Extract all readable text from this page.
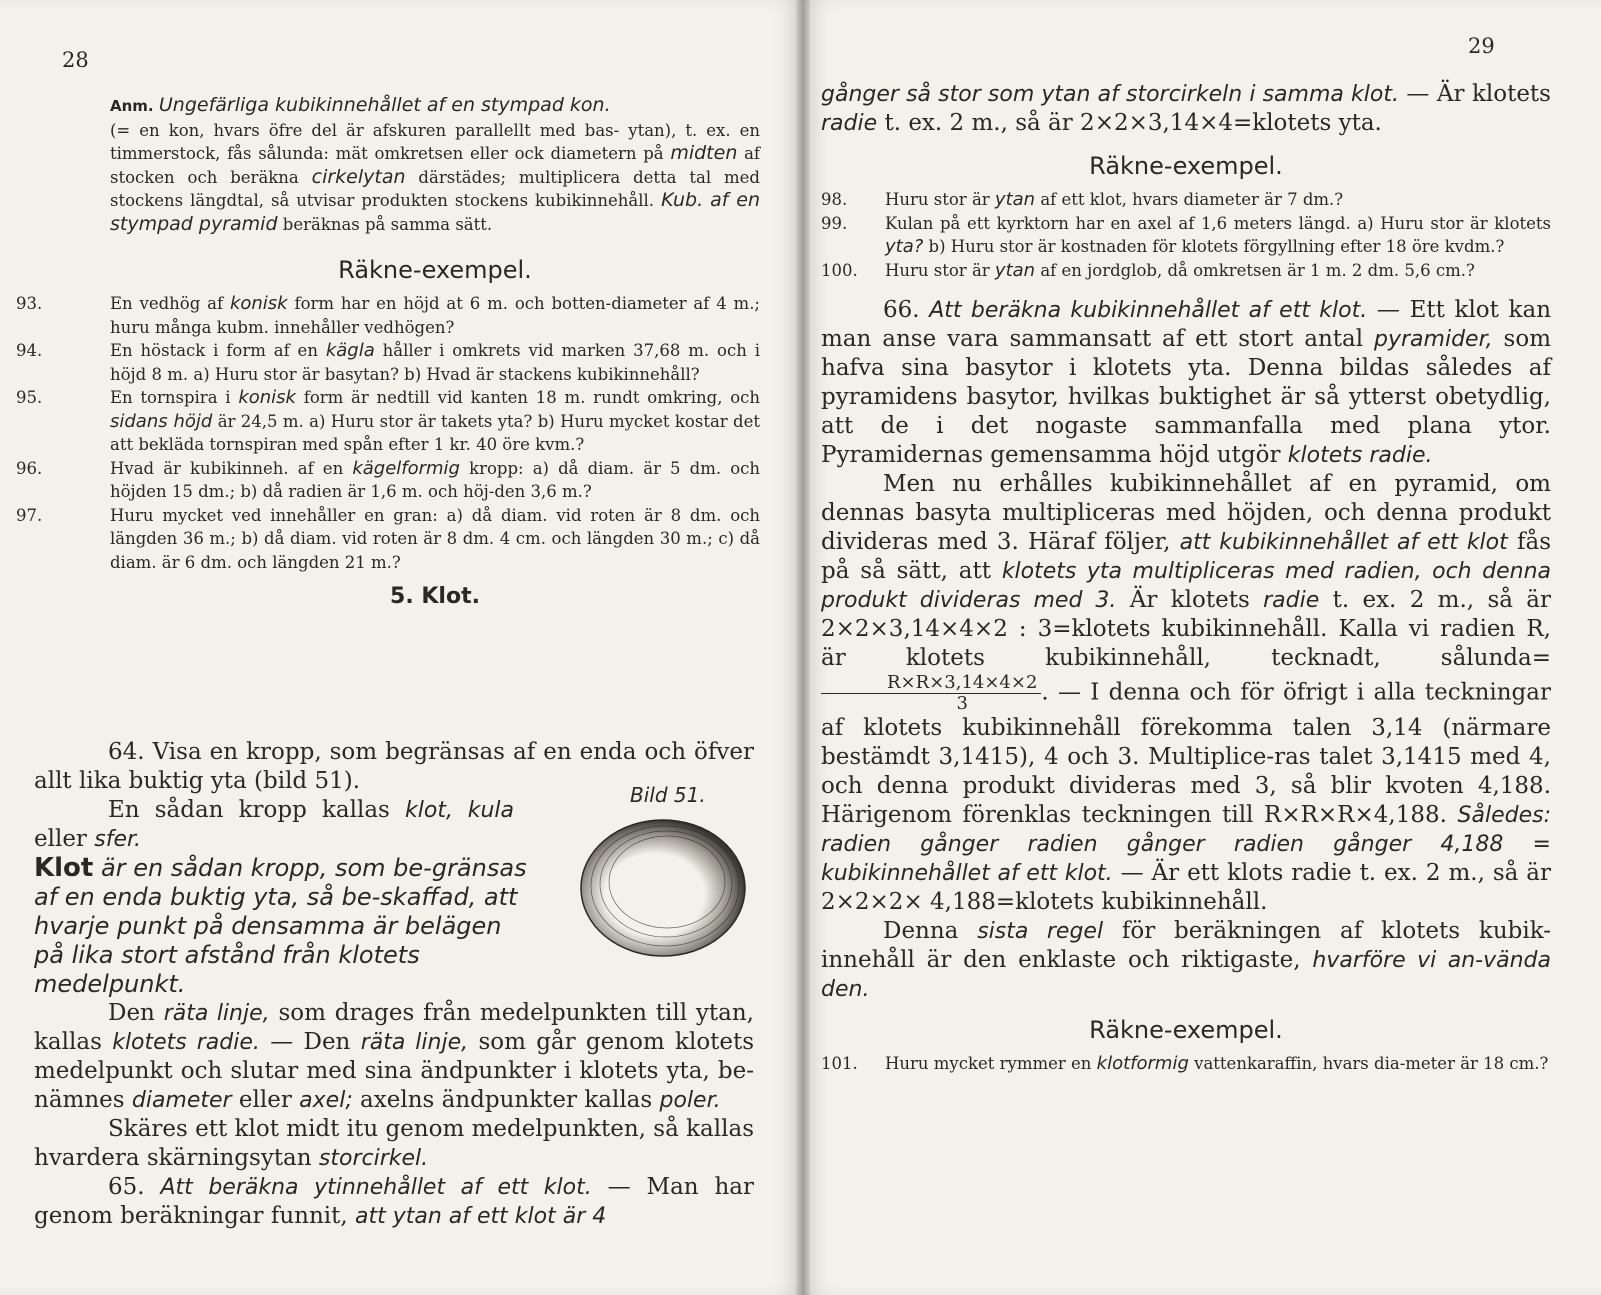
28

Anm. Ungefärliga kubikinnehållet af en stympad kon.
(= en kon, hvars öfre del är afskuren parallellt med bas- ytan), t. ex. en timmerstock, fås sålunda: mät omkretsen eller ock diametern på midten af stocken och beräkna cirkelytan därstädes; multiplicera detta tal med stockens längdtal, så utvisar produkten stockens kubikinnehåll. Kub. af en stympad pyramid beräknas på samma sätt.

Räkne-exempel.
93.	En vedhög af konisk form har en höjd at 6 m. och botten-diameter af 4 m.; huru många kubm. innehåller vedhögen?
94.	En höstack i form af en kägla håller i omkrets vid marken 37,68 m. och i höjd 8 m. a) Huru stor är basytan? b) Hvad är stackens kubikinnehåll?
95.	En tornspira i konisk form är nedtill vid kanten 18 m. rundt omkring, och sidans höjd är 24,5 m. a) Huru stor är takets yta? b) Huru mycket kostar det att bekläda tornspiran med spån efter 1 kr. 40 öre kvm.?
96.	Hvad är kubikinneh. af en kägelformig kropp: a) då diam. är 5 dm. och höjden 15 dm.; b) då radien är 1,6 m. och höj-den 3,6 m.?
97.	Huru mycket ved innehåller en gran: a) då diam. vid roten är 8 dm. och längden 36 m.; b) då diam. vid roten är 8 dm. 4 cm. och längden 30 m.; c) då diam. är 6 dm. och längden 21 m.?
5. Klot.

64. Visa en kropp, som begränsas af en enda och öfver allt lika buktig yta (bild 51).

En sådan kropp kallas klot, kula eller sfer.

Klot är en sådan kropp, som be-gränsas af en enda buktig yta, så be-skaffad, att hvarje punkt på densamma är belägen på lika stort afstånd från klotets medelpunkt.

Den räta linje, som drages från medelpunkten till ytan, kallas klotets radie. — Den räta linje, som går genom klotets medelpunkt och slutar med sina ändpunkter i klotets yta, be-nämnes diameter eller axel; axelns ändpunkter kallas poler.

Skäres ett klot midt itu genom medelpunkten, så kallas hvardera skärningsytan storcirkel.

65. Att beräkna ytinnehållet af ett klot. — Man har genom beräkningar funnit, att ytan af ett klot är 4

Bild 51.
29

gånger så stor som ytan af storcirkeln i samma klot. — Är klotets radie t. ex. 2 m., så är 2×2×3,14×4=klotets yta.

Räkne-exempel.
98.	Huru stor är ytan af ett klot, hvars diameter är 7 dm.?
99.	Kulan på ett kyrktorn har en axel af 1,6 meters längd. a) Huru stor är klotets yta? b) Huru stor är kostnaden för klotets förgyllning efter 18 öre kvdm.?
100.	Huru stor är ytan af en jordglob, då omkretsen är 1 m. 2 dm. 5,6 cm.?

66. Att beräkna kubikinnehållet af ett klot. — Ett klot kan man anse vara sammansatt af ett stort antal pyramider, som hafva sina basytor i klotets yta. Denna bildas således af pyramidens basytor, hvilkas buktighet är så ytterst obetydlig, att de i det nogaste sammanfalla med plana ytor. Pyramidernas gemensamma höjd utgör klotets radie.

Men nu erhålles kubikinnehållet af en pyramid, om dennas basyta multipliceras med höjden, och denna produkt divideras med 3. Häraf följer, att kubikinnehållet af ett klot fås på så sätt, att klotets yta multipliceras med radien, och denna produkt divideras med 3. Är klotets radie t. ex. 2 m., så är 2×2×3,14×4×2 : 3=klotets kubikinnehåll. Kalla vi radien R, är klotets kubikinnehåll, tecknadt, sålunda=
$\frac{R\times R\times 3,14\times 4\times 2}{3}$ . — I denna och för öfrigt i alla teckningar af klotets kubikinnehåll förekomma talen 3,14 (närmare bestämdt 3,1415), 4 och 3. Multiplice-ras talet 3,1415 med 4, och denna produkt divideras med 3, så blir kvoten 4,188. Härigenom förenklas teckningen till R×R×R×4,188. Således: radien gånger radien gånger radien gånger 4,188 = kubikinnehållet af ett klot. — Är ett klots radie t. ex. 2 m., så är 2×2×2× 4,188=klotets kubikinnehåll.

Denna sista regel för beräkningen af klotets kubik-innehåll är den enklaste och riktigaste, hvarföre vi an-vända den.

Räkne-exempel.
101.	Huru mycket rymmer en klotformig vattenkaraffin, hvars dia-meter är 18 cm.?
